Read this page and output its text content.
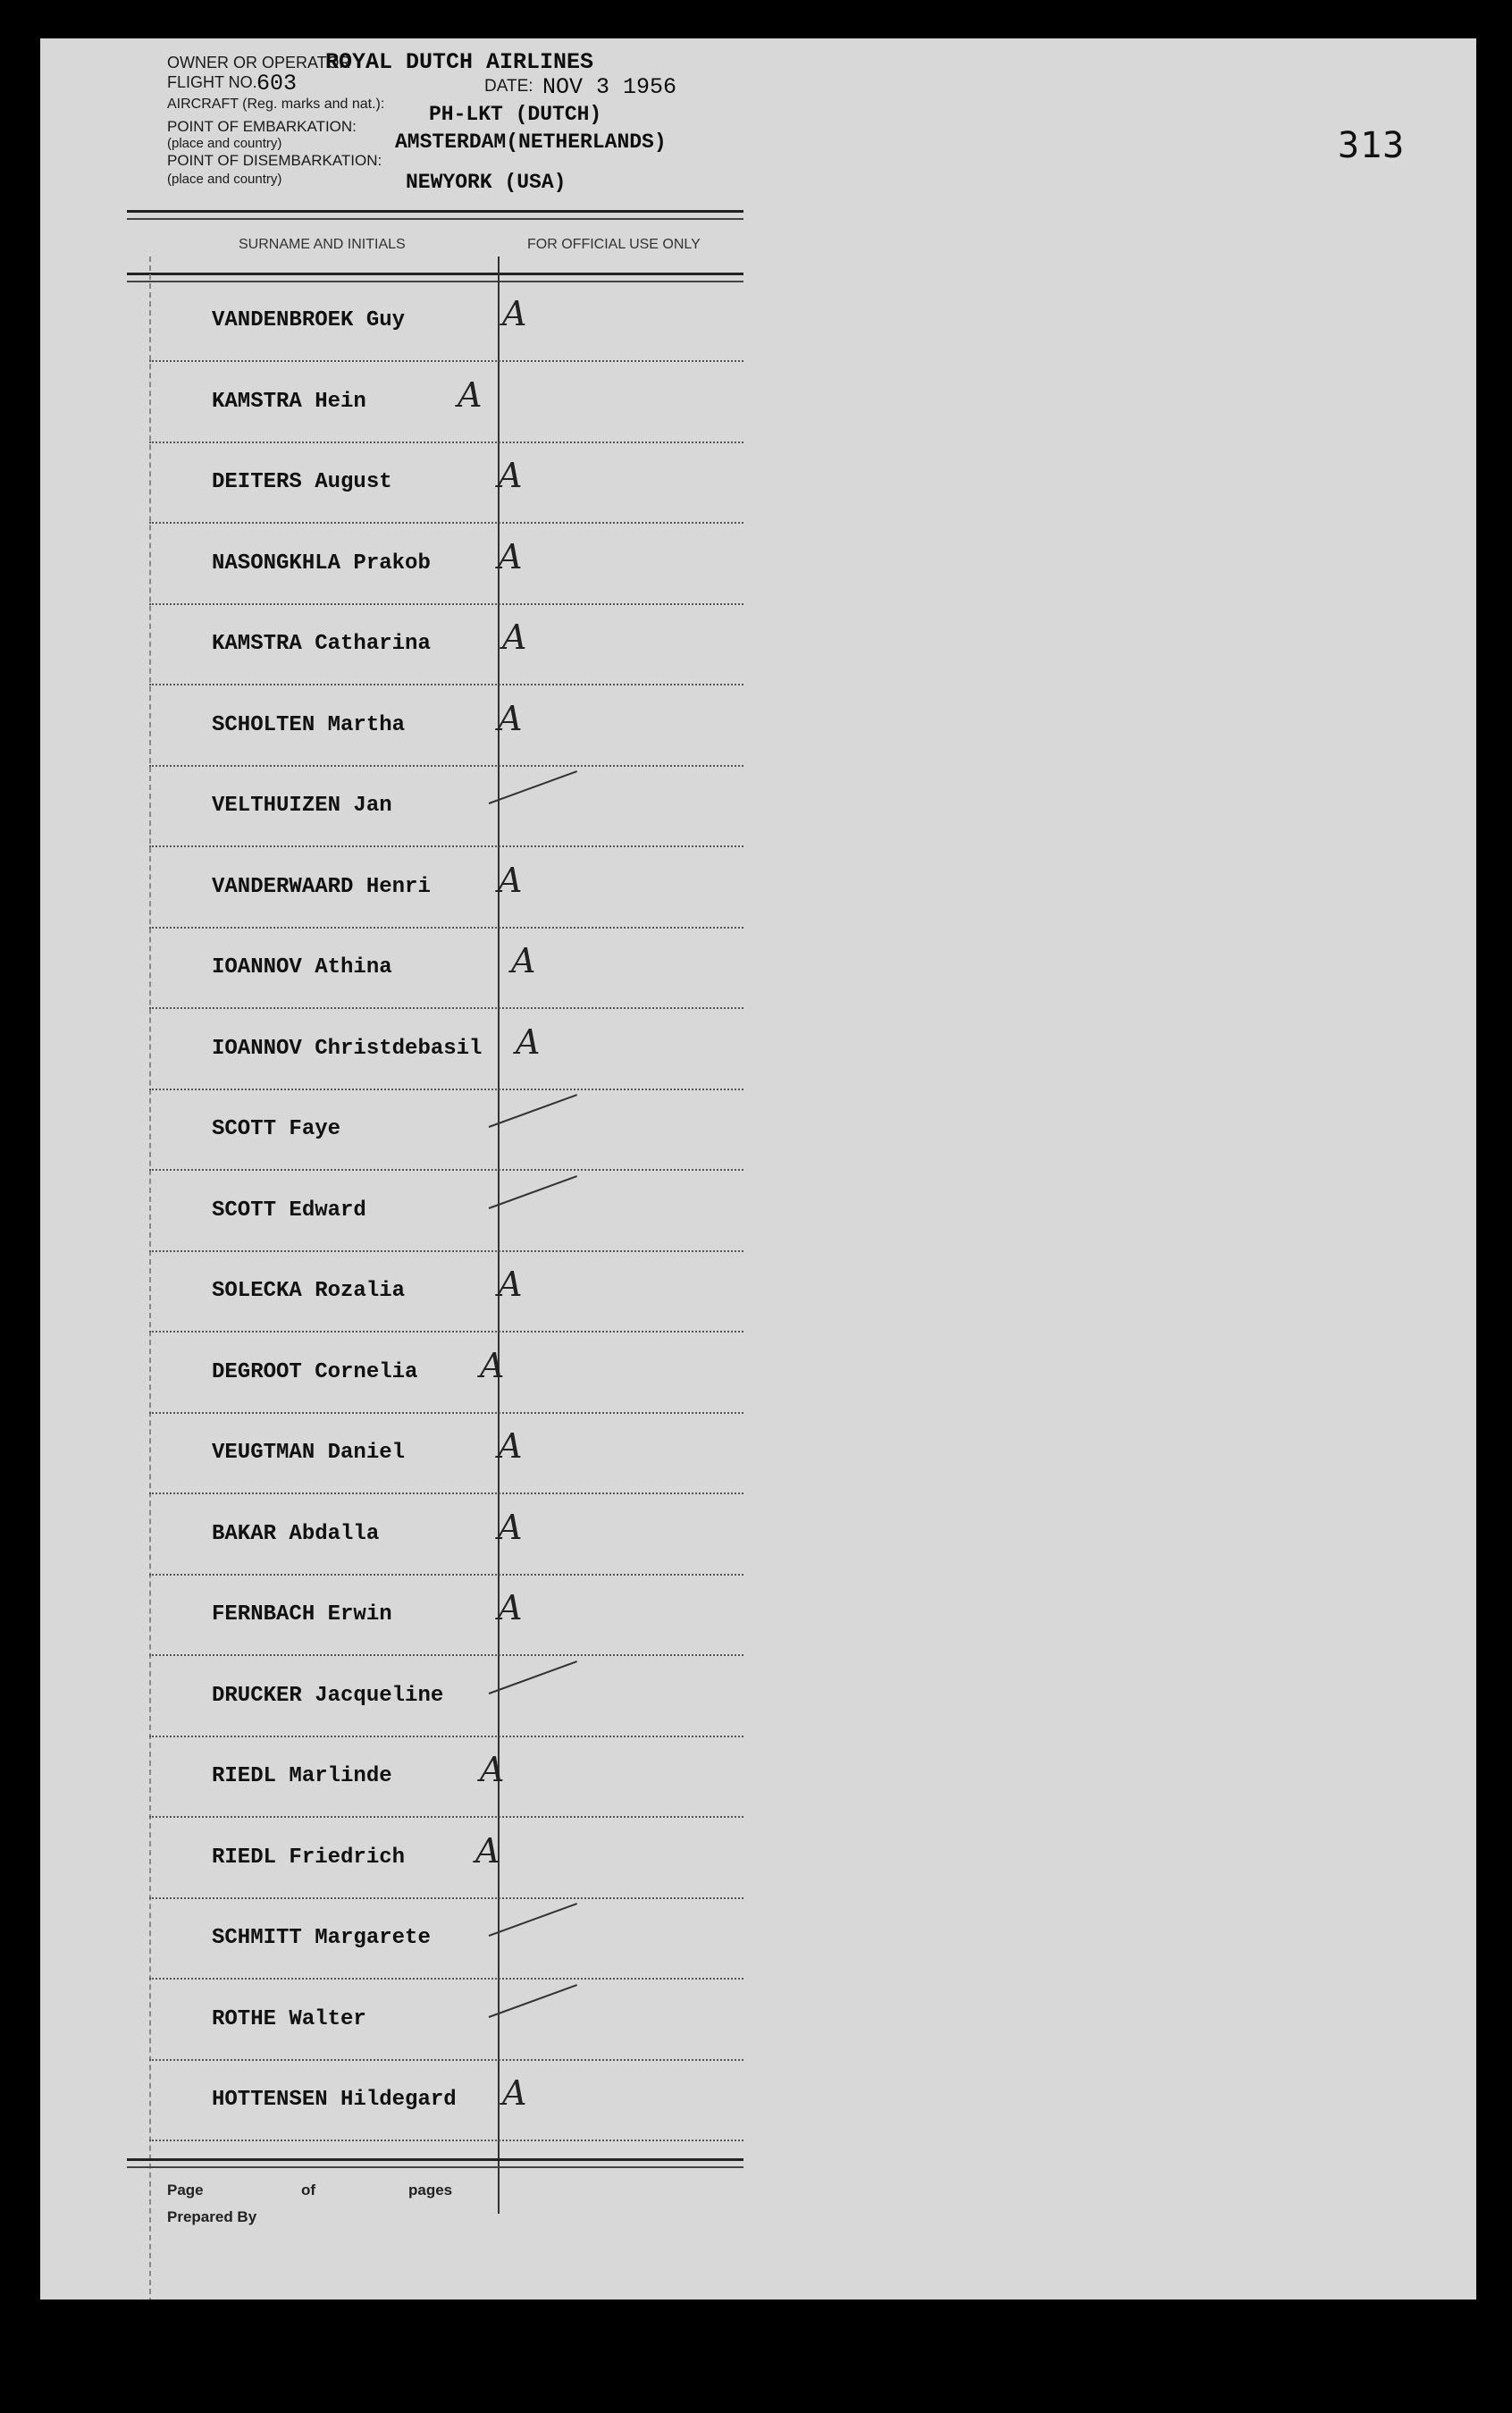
313
OWNER OR OPERATOR
ROYAL DUTCH AIRLINES
FLIGHT NO. 603	DATE: NOV 3 1956
AIRCRAFT (Reg. marks and nat.): PH-LKT (DUTCH)
POINT OF EMBARKATION:
AMSTERDAM(NETHERLANDS)
(place and country)
POINT OF DISEMBARKATION:
NEWYORK (USA)
(place and country)
SURNAME AND INITIALS	FOR OFFICIAL USE ONLY
VANDENBROEK Guy	A
KAMSTRA Hein	A
DEITERS August	A
NASONGKHLA Prakob A
KAMSTRA Catharina A
SCHOLTEN Martha	A
VELTHUIZEN Jan
VANDERWAARD Henri A
IOANNOV Athina	A
IOANNOV Christdebasil A
SCOTT Faye
SCOTT Edward
SOLECKA Rozalia	A
DEGROOT Cornelia A
VEUGTMAN Daniel	A
BAKAR Abdalla	A
FERNBACH Erwin	A
DRUCKER Jacqueline
RIEDL Marlinde	A
RIEDL Friedrich A
SCHMITT Margarete
ROTHE Walter
HOTTENSEN Hildegard A
Page	of	pages
Prepared By
